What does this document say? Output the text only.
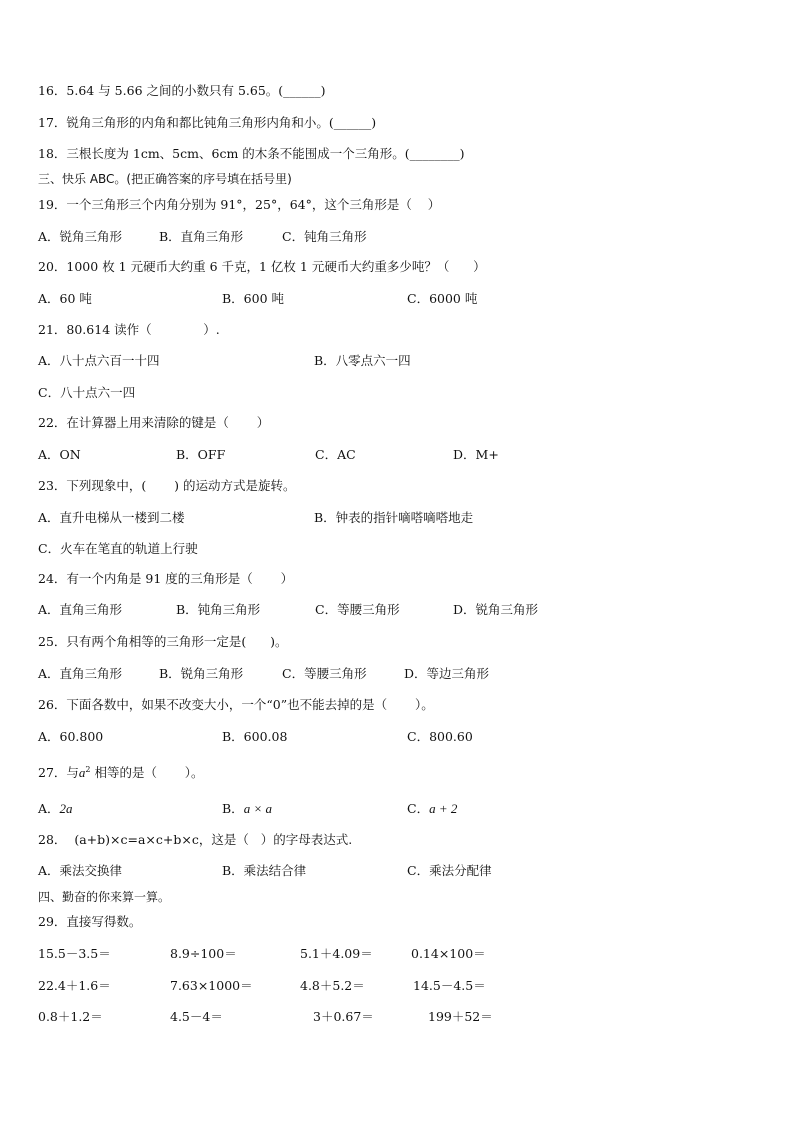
16．5.64 与 5.66 之间的小数只有 5.65。(______)
17．锐角三角形的内角和都比钝角三角形内角和小。(______)
18．三根长度为 1cm、5cm、6cm 的木条不能围成一个三角形。(________)
三、快乐 ABC。(把正确答案的序号填在括号里)
19．一个三角形三个内角分别为 91°，25°，64°，这个三角形是（    ）
A．锐角三角形	B．直角三角形	C．钝角三角形
20．1000 枚 1 元硬币大约重 6 千克，1 亿枚 1 元硬币大约重多少吨？（      ）
A．60 吨	B．600 吨	C．6000 吨
21．80.614 读作（             ）.
A．八十点六百一十四	B．八零点六一四
C．八十点六一四
22．在计算器上用来清除的键是（       ）
A．ON	B．OFF	C．AC	D．M+
23．下列现象中，(       ) 的运动方式是旋转。
A．直升电梯从一楼到二楼	B．钟表的指针嘀嗒嘀嗒地走
C．火车在笔直的轨道上行驶
24．有一个内角是 91 度的三角形是（       ）
A．直角三角形	B．钝角三角形	C．等腰三角形	D．锐角三角形
25．只有两个角相等的三角形一定是(      )。
A．直角三角形	B．锐角三角形	C．等腰三角形	D．等边三角形
26．下面各数中，如果不改变大小，一个“0”也不能去掉的是（       ）。
A．60.800	B．600.08	C．800.60
27．与$a^2$ 相等的是（       ）。
A．2a	B．a × a	C．a + 2
28．  (a+b)×c=a×c+b×c，这是（   ）的字母表达式.
A．乘法交换律	B．乘法结合律	C．乘法分配律
四、勤奋的你来算一算。
29．直接写得数。
15.5－3.5＝	8.9÷100＝	5.1＋4.09＝	0.14×100＝
22.4＋1.6＝	7.63×1000＝	4.8＋5.2＝	14.5－4.5＝
0.8＋1.2＝	4.5－4＝	3＋0.67＝	199＋52＝
